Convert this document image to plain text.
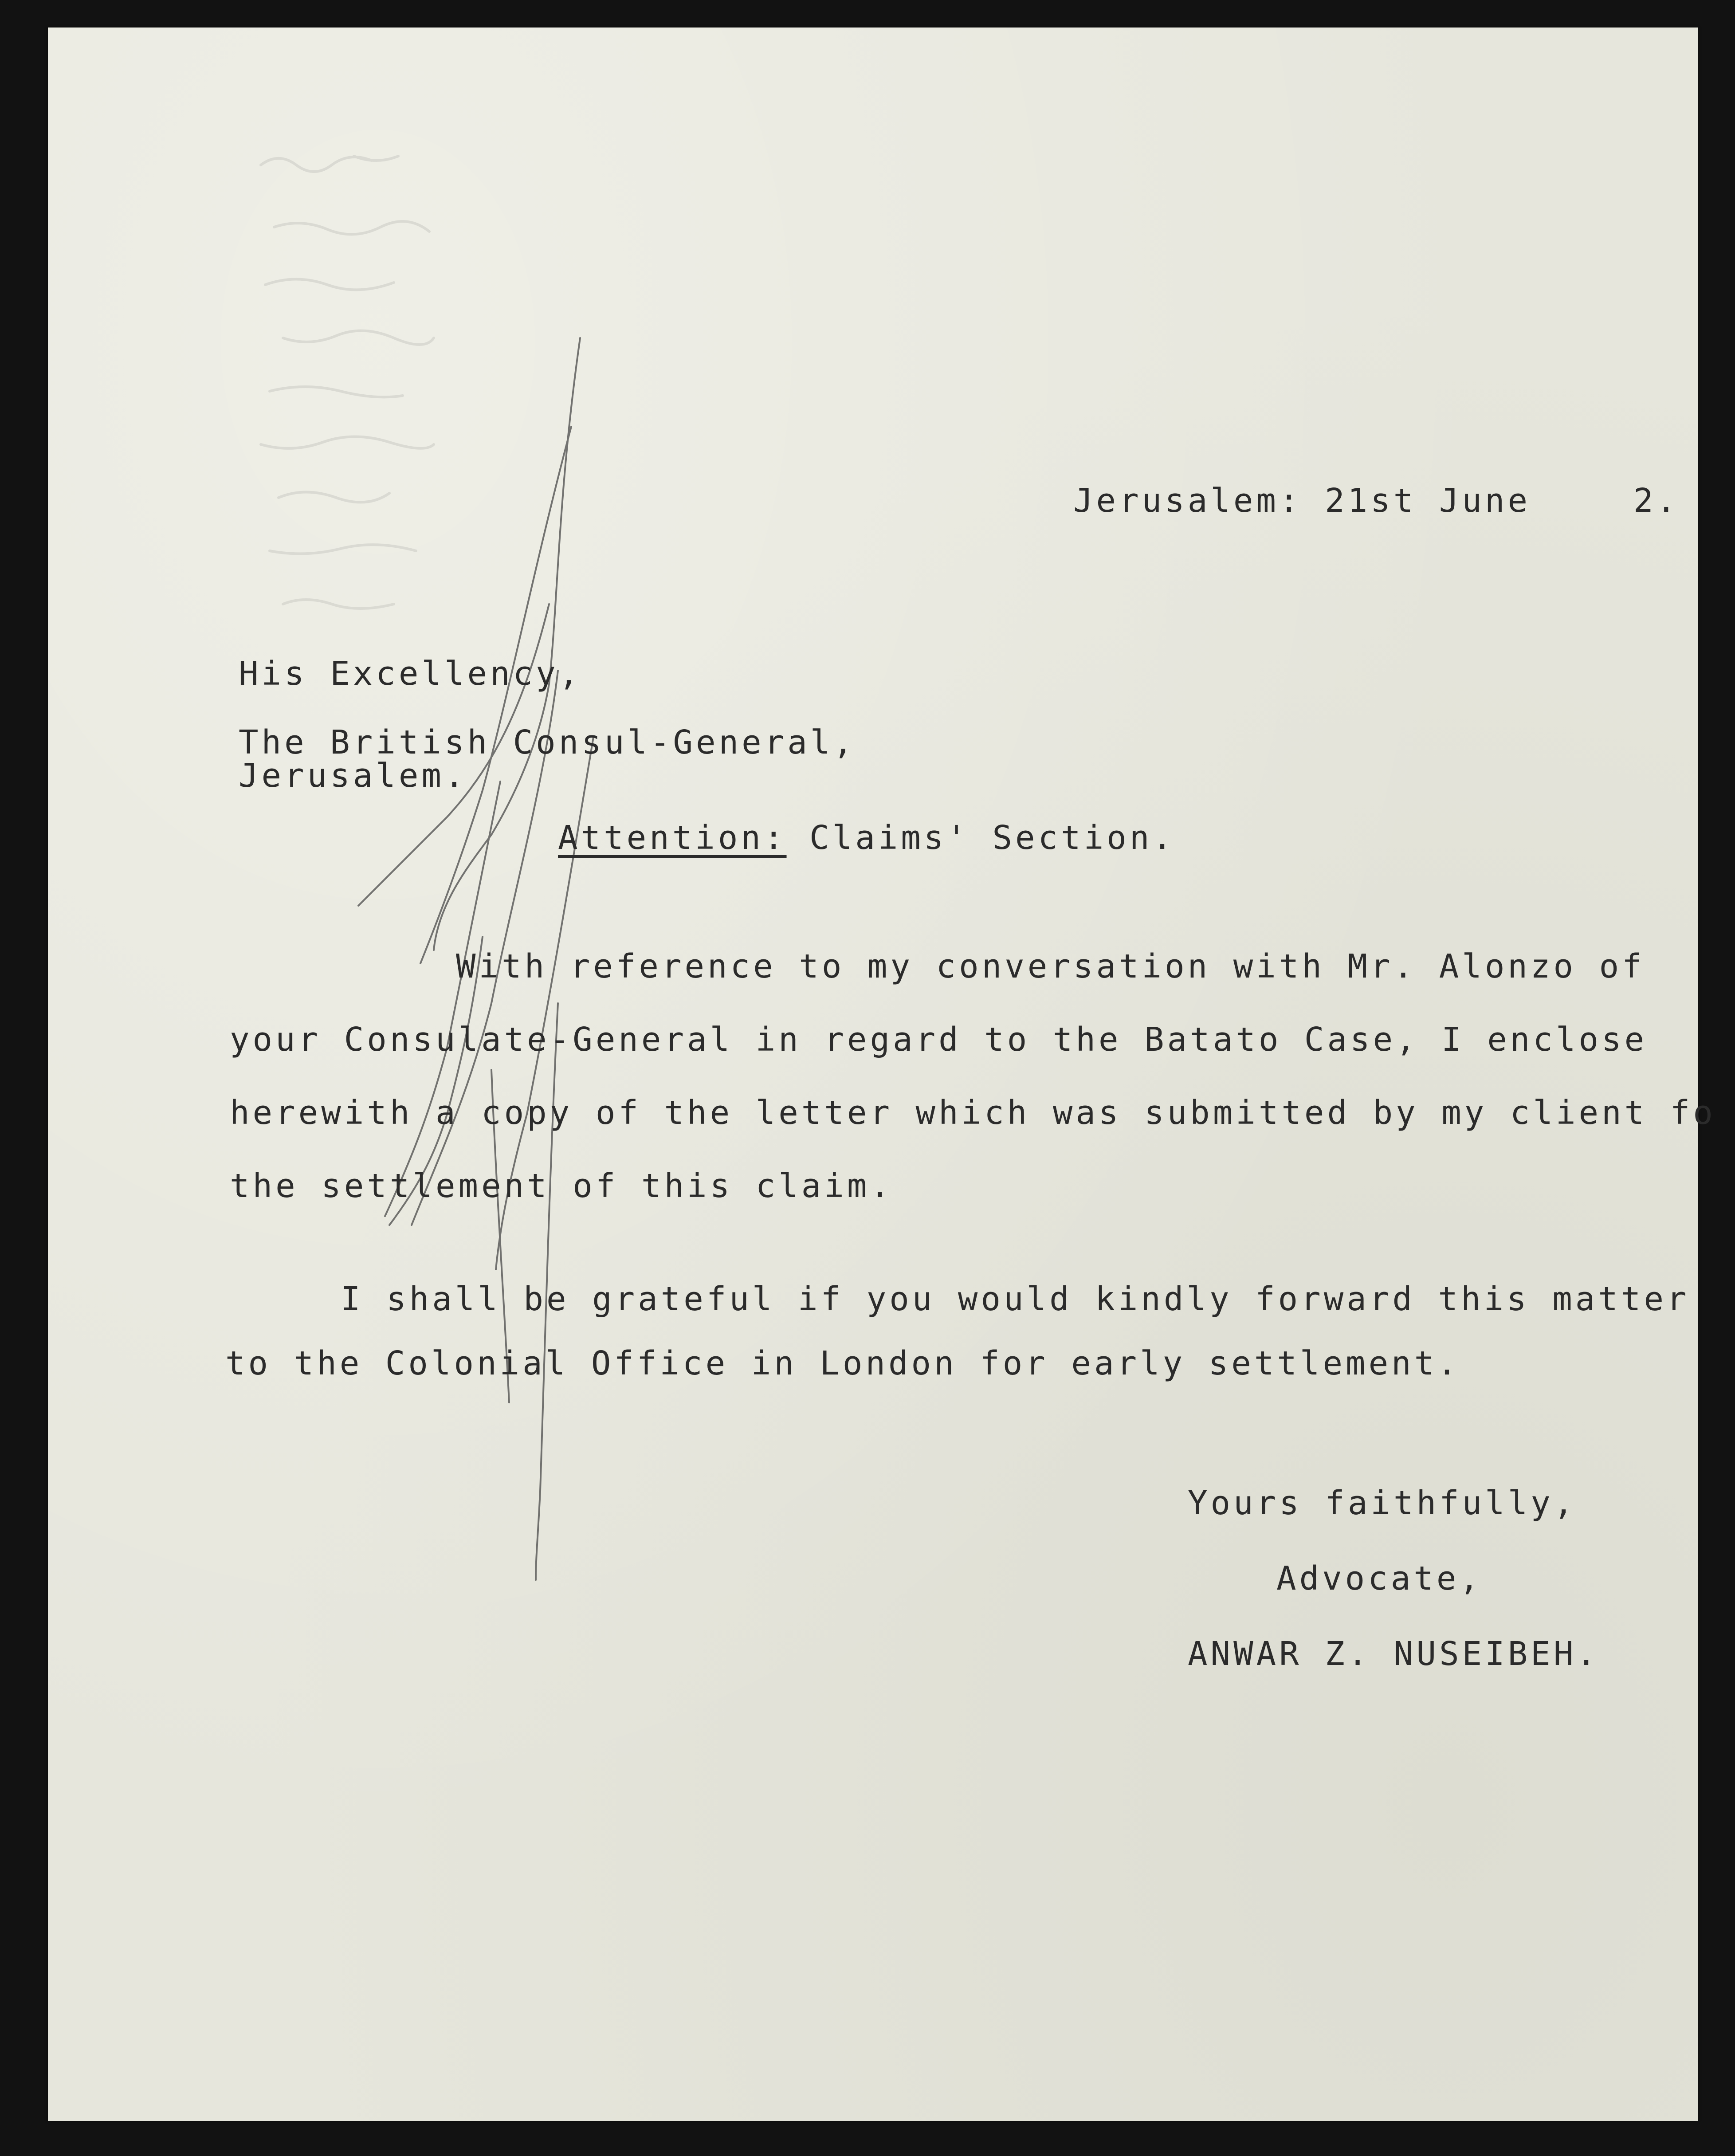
Jerusalem: 21st June	2.
His Excellency,
The British Consul-General,
Jerusalem.
Attention: Claims' Section.
With reference to my conversation with Mr. Alonzo of
your Consulate-General in regard to the Batato Case, I enclose
herewith a copy of the letter which was submitted by my client fo
the settlement of this claim.
I shall be grateful if you would kindly forward this matter
to the Colonial Office in London for early settlement.
Yours faithfully,
Advocate,
ANWAR Z. NUSEIBEH.
